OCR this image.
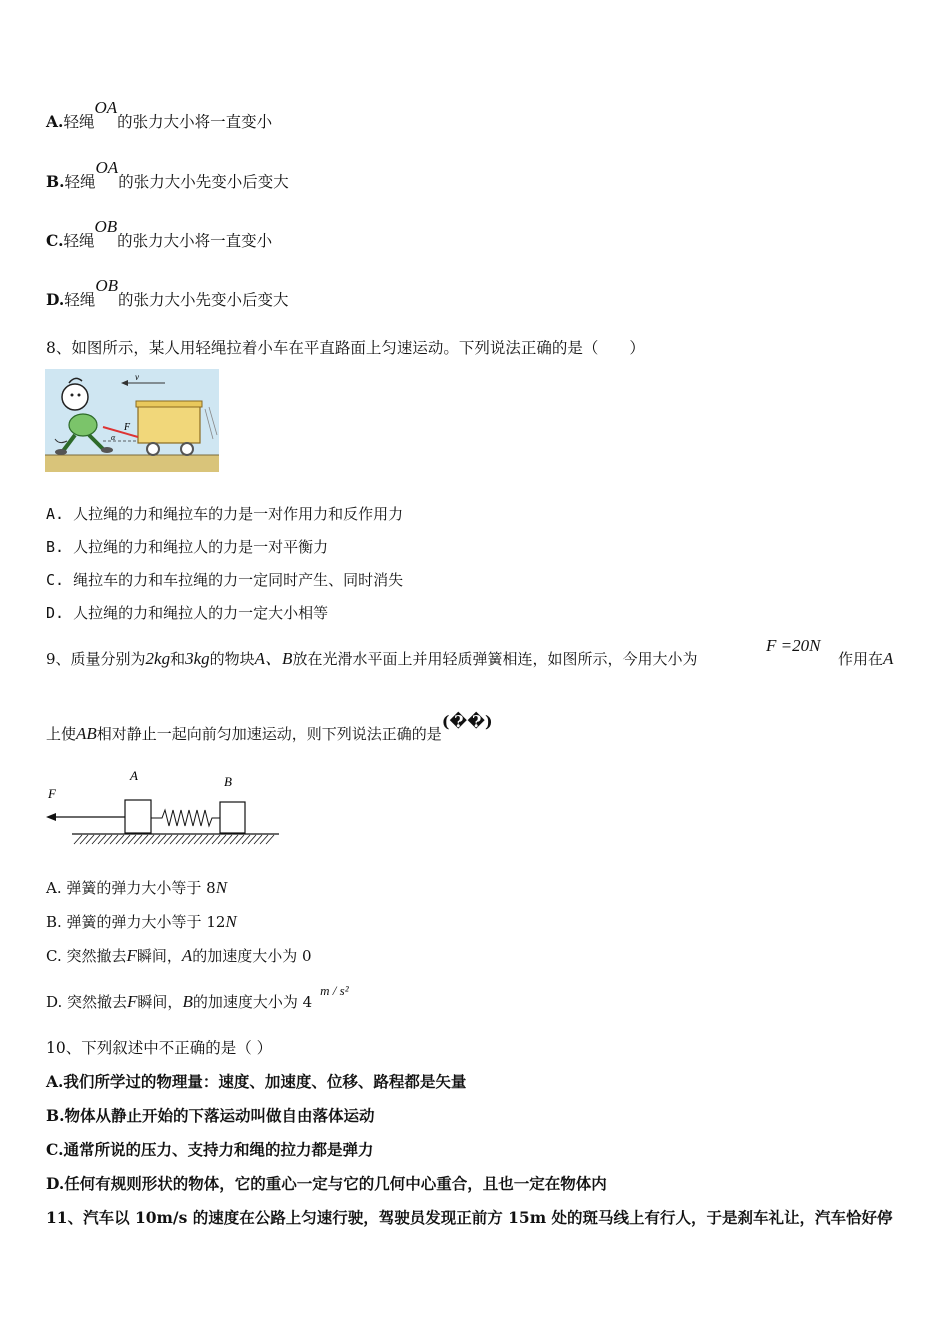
A.轻绳OA的张力大小将一直变小
B.轻绳OA的张力大小先变小后变大
C.轻绳OB的张力大小将一直变小
D.轻绳OB的张力大小先变小后变大
8、如图所示，某人用轻绳拉着小车在平直路面上匀速运动。下列说法正确的是（　　）
v
F
α
A. 人拉绳的力和绳拉车的力是一对作用力和反作用力
B. 人拉绳的力和绳拉人的力是一对平衡力
C. 绳拉车的力和车拉绳的力一定同时产生、同时消失
D. 人拉绳的力和绳拉人的力一定大小相等
9、质量分别为2kg和3kg的物块A、B放在光滑水平面上并用轻质弹簧相连，如图所示，今用大小为
F =20N
作用在A
上使AB相对静止一起向前匀加速运动，则下列说法正确的是(��)
F
A	B
A. 弹簧的弹力大小等于 8N
B. 弹簧的弹力大小等于 12N
C. 突然撤去F瞬间，A的加速度大小为 0
D. 突然撤去F瞬间，B的加速度大小为 4m / s²
10、下列叙述中不正确的是（ ）
A.我们所学过的物理量：速度、加速度、位移、路程都是矢量
B.物体从静止开始的下落运动叫做自由落体运动
C.通常所说的压力、支持力和绳的拉力都是弹力
D.任何有规则形状的物体，它的重心一定与它的几何中心重合，且也一定在物体内
11、汽车以 10m/s 的速度在公路上匀速行驶，驾驶员发现正前方 15m 处的斑马线上有行人，于是刹车礼让，汽车恰好停
